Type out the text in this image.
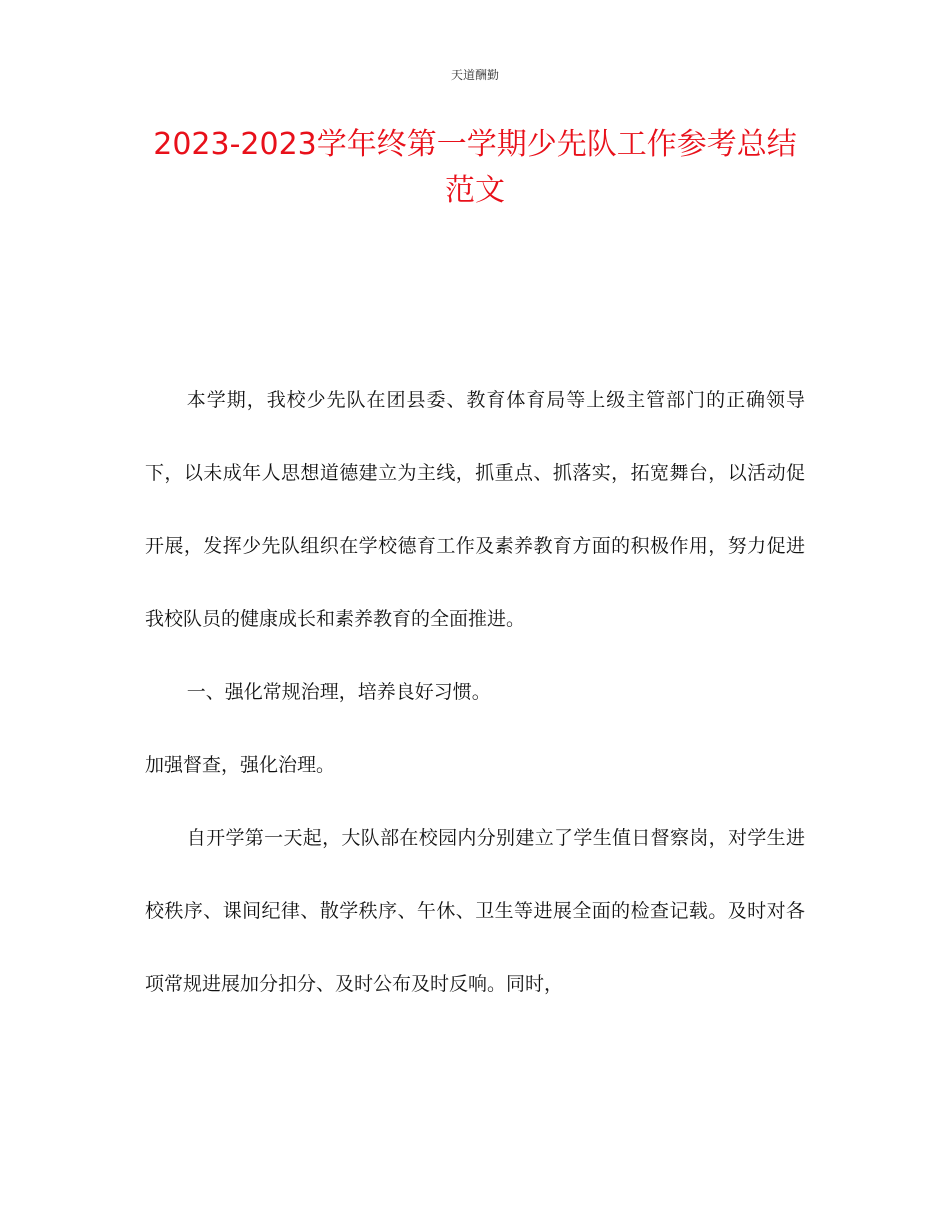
天道酬勤
2023-2023学年终第一学期少先队工作参考总结范文

本学期，我校少先队在团县委、教育体育局等上级主管部门的正确领导下，以未成年人思想道德建立为主线，抓重点、抓落实，拓宽舞台，以活动促开展，发挥少先队组织在学校德育工作及素养教育方面的积极作用，努力促进我校队员的健康成长和素养教育的全面推进。

一、强化常规治理，培养良好习惯。

加强督查，强化治理。

自开学第一天起，大队部在校园内分别建立了学生值日督察岗，对学生进校秩序、课间纪律、散学秩序、午休、卫生等进展全面的检查记载。及时对各项常规进展加分扣分、及时公布及时反响。同时，
